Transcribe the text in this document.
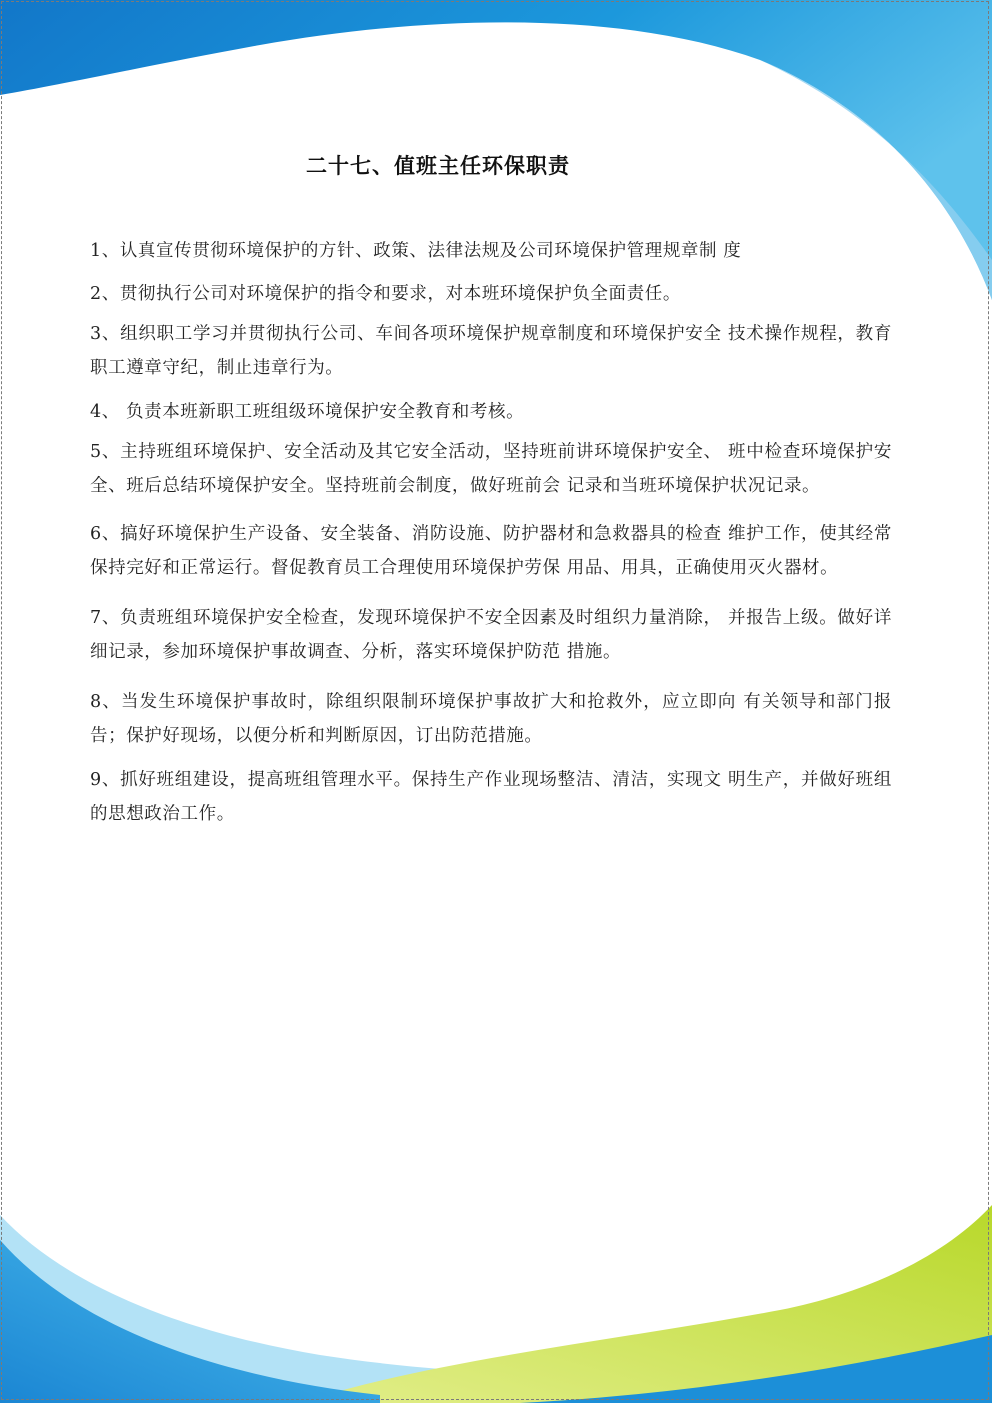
二十七、值班主任环保职责

1、认真宣传贯彻环境保护的方针、政策、法律法规及公司环境保护管理规章制 度

2、贯彻执行公司对环境保护的指令和要求，对本班环境保护负全面责任。

3、组织职工学习并贯彻执行公司、车间各项环境保护规章制度和环境保护安全 技术操作规程，教育职工遵章守纪，制止违章行为。

4、 负责本班新职工班组级环境保护安全教育和考核。

5、主持班组环境保护、安全活动及其它安全活动，坚持班前讲环境保护安全、 班中检查环境保护安全、班后总结环境保护安全。坚持班前会制度，做好班前会 记录和当班环境保护状况记录。

6、搞好环境保护生产设备、安全装备、消防设施、防护器材和急救器具的检查 维护工作，使其经常保持完好和正常运行。督促教育员工合理使用环境保护劳保 用品、用具，正确使用灭火器材。

7、负责班组环境保护安全检查，发现环境保护不安全因素及时组织力量消除， 并报告上级。做好详细记录，参加环境保护事故调查、分析，落实环境保护防范 措施。

8、当发生环境保护事故时，除组织限制环境保护事故扩大和抢救外，应立即向 有关领导和部门报告；保护好现场，以便分析和判断原因，订出防范措施。

9、抓好班组建设，提高班组管理水平。保持生产作业现场整洁、清洁，实现文 明生产，并做好班组的思想政治工作。
